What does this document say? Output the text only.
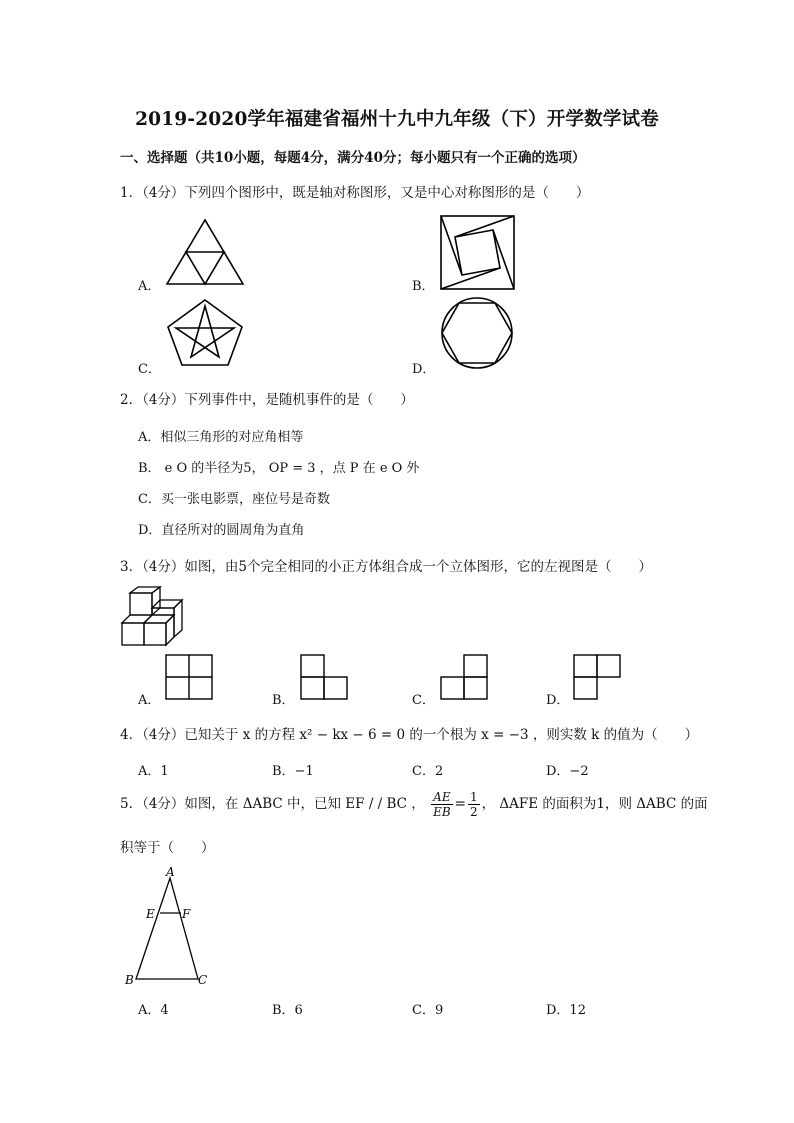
2019-2020学年福建省福州十九中九年级（下）开学数学试卷
一、选择题（共10小题，每题4分，满分40分；每小题只有一个正确的选项）
1．（4分）下列四个图形中，既是轴对称图形，又是中心对称图形的是（　　）
A．	B．
C．	D．
2．（4分）下列事件中，是随机事件的是（　　）
A．相似三角形的对应角相等
B． e O 的半径为5， OP = 3 ，点 P 在 e O 外
C．买一张电影票，座位号是奇数
D．直径所对的圆周角为直角
3．（4分）如图，由5个完全相同的小正方体组合成一个立体图形，它的左视图是（　　）
A．	B．	C．	D．
4．（4分）已知关于 x 的方程 x² − kx − 6 = 0 的一个根为 x = −3 ，则实数 k 的值为（　　）
A．1	B．−1	C．2	D．−2
5．（4分）如图，在 ΔABC 中，已知 EF / / BC ， $\frac{AE}{EB} = \frac{1}{2}$ ， ΔAFE 的面积为1，则 ΔABC 的面
积等于（　　）
A
E F
B	C
A．4	B．6	C．9	D．12
